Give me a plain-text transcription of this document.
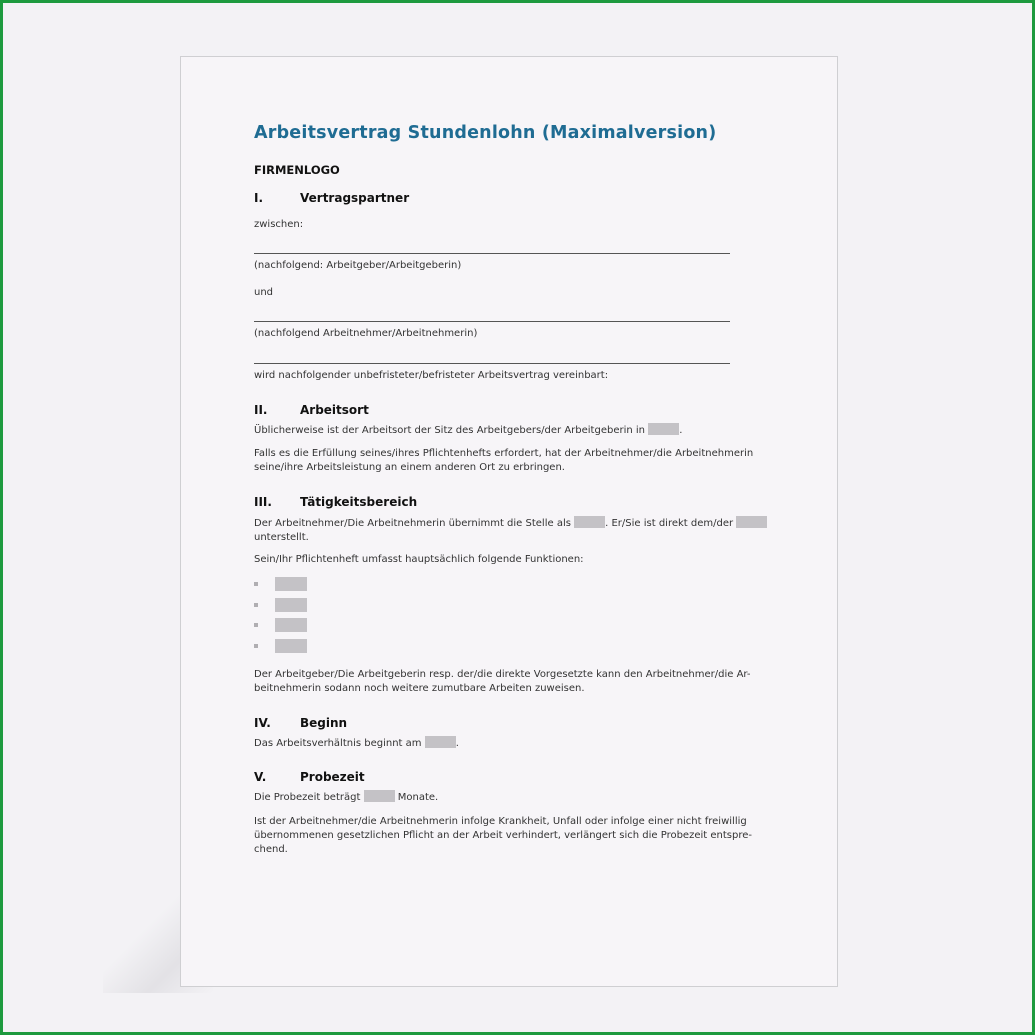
Arbeitsvertrag Stundenlohn (Maximalversion)
FIRMENLOGO
I.	Vertragspartner
zwischen:
(nachfolgend: Arbeitgeber/Arbeitgeberin)
und
(nachfolgend Arbeitnehmer/Arbeitnehmerin)
wird nachfolgender unbefristeter/befristeter Arbeitsvertrag vereinbart:
II.	Arbeitsort
Üblicherweise ist der Arbeitsort der Sitz des Arbeitgebers/der Arbeitgeberin in	.
Falls es die Erfüllung seines/ihres Pflichtenhefts erfordert, hat der Arbeitnehmer/die Arbeitnehmerin seine/ihre Arbeitsleistung an einem anderen Ort zu erbringen.
III. Tätigkeitsbereich
Der Arbeitnehmer/Die Arbeitnehmerin übernimmt die Stelle als	. Er/Sie ist direkt dem/der
unterstellt.
Sein/Ihr Pflichtenheft umfasst hauptsächlich folgende Funktionen:
Der Arbeitgeber/Die Arbeitgeberin resp. der/die direkte Vorgesetzte kann den Arbeitnehmer/die Ar-beitnehmerin sodann noch weitere zumutbare Arbeiten zuweisen.
IV. Beginn
Das Arbeitsverhältnis beginnt am	.
V.	Probezeit
Die Probezeit beträgt	Monate.
Ist der Arbeitnehmer/die Arbeitnehmerin infolge Krankheit, Unfall oder infolge einer nicht freiwillig übernommenen gesetzlichen Pflicht an der Arbeit verhindert, verlängert sich die Probezeit entspre-chend.
